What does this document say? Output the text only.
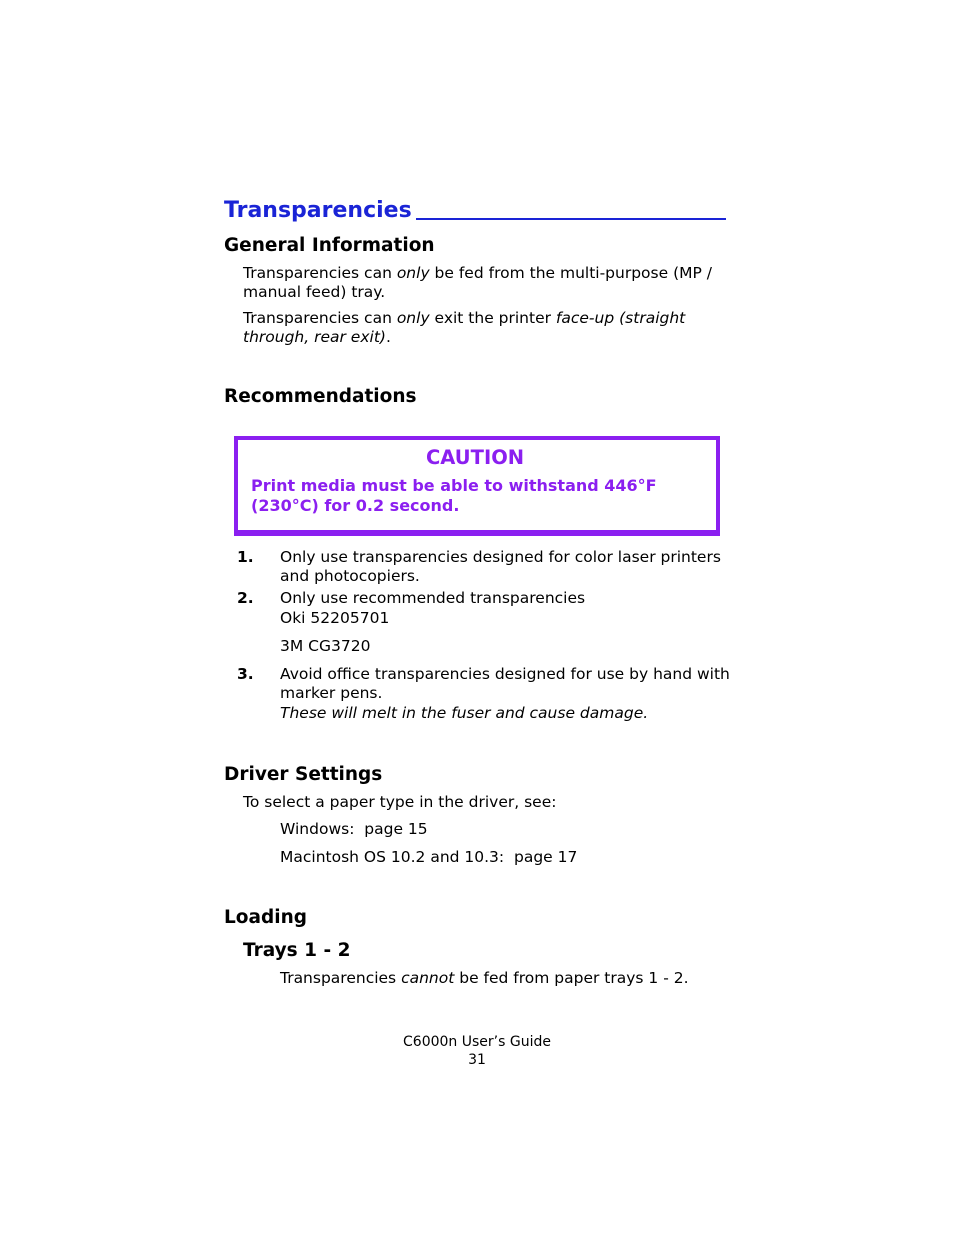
Transparencies
General Information
Transparencies can only be fed from the multi-purpose (MP /
manual feed) tray.
Transparencies can only exit the printer face-up (straight
through, rear exit).
Recommendations
CAUTION
Print media must be able to withstand 446°F
(230°C) for 0.2 second.
1. Only use transparencies designed for color laser printers
and photocopiers.
2. Only use recommended transparencies
Oki 52205701
3M CG3720
3. Avoid office transparencies designed for use by hand with
marker pens.
These will melt in the fuser and cause damage.
Driver Settings
To select a paper type in the driver, see:
Windows:  page 15
Macintosh OS 10.2 and 10.3:  page 17
Loading
Trays 1 - 2
Transparencies cannot be fed from paper trays 1 - 2.
C6000n User’s Guide
31
